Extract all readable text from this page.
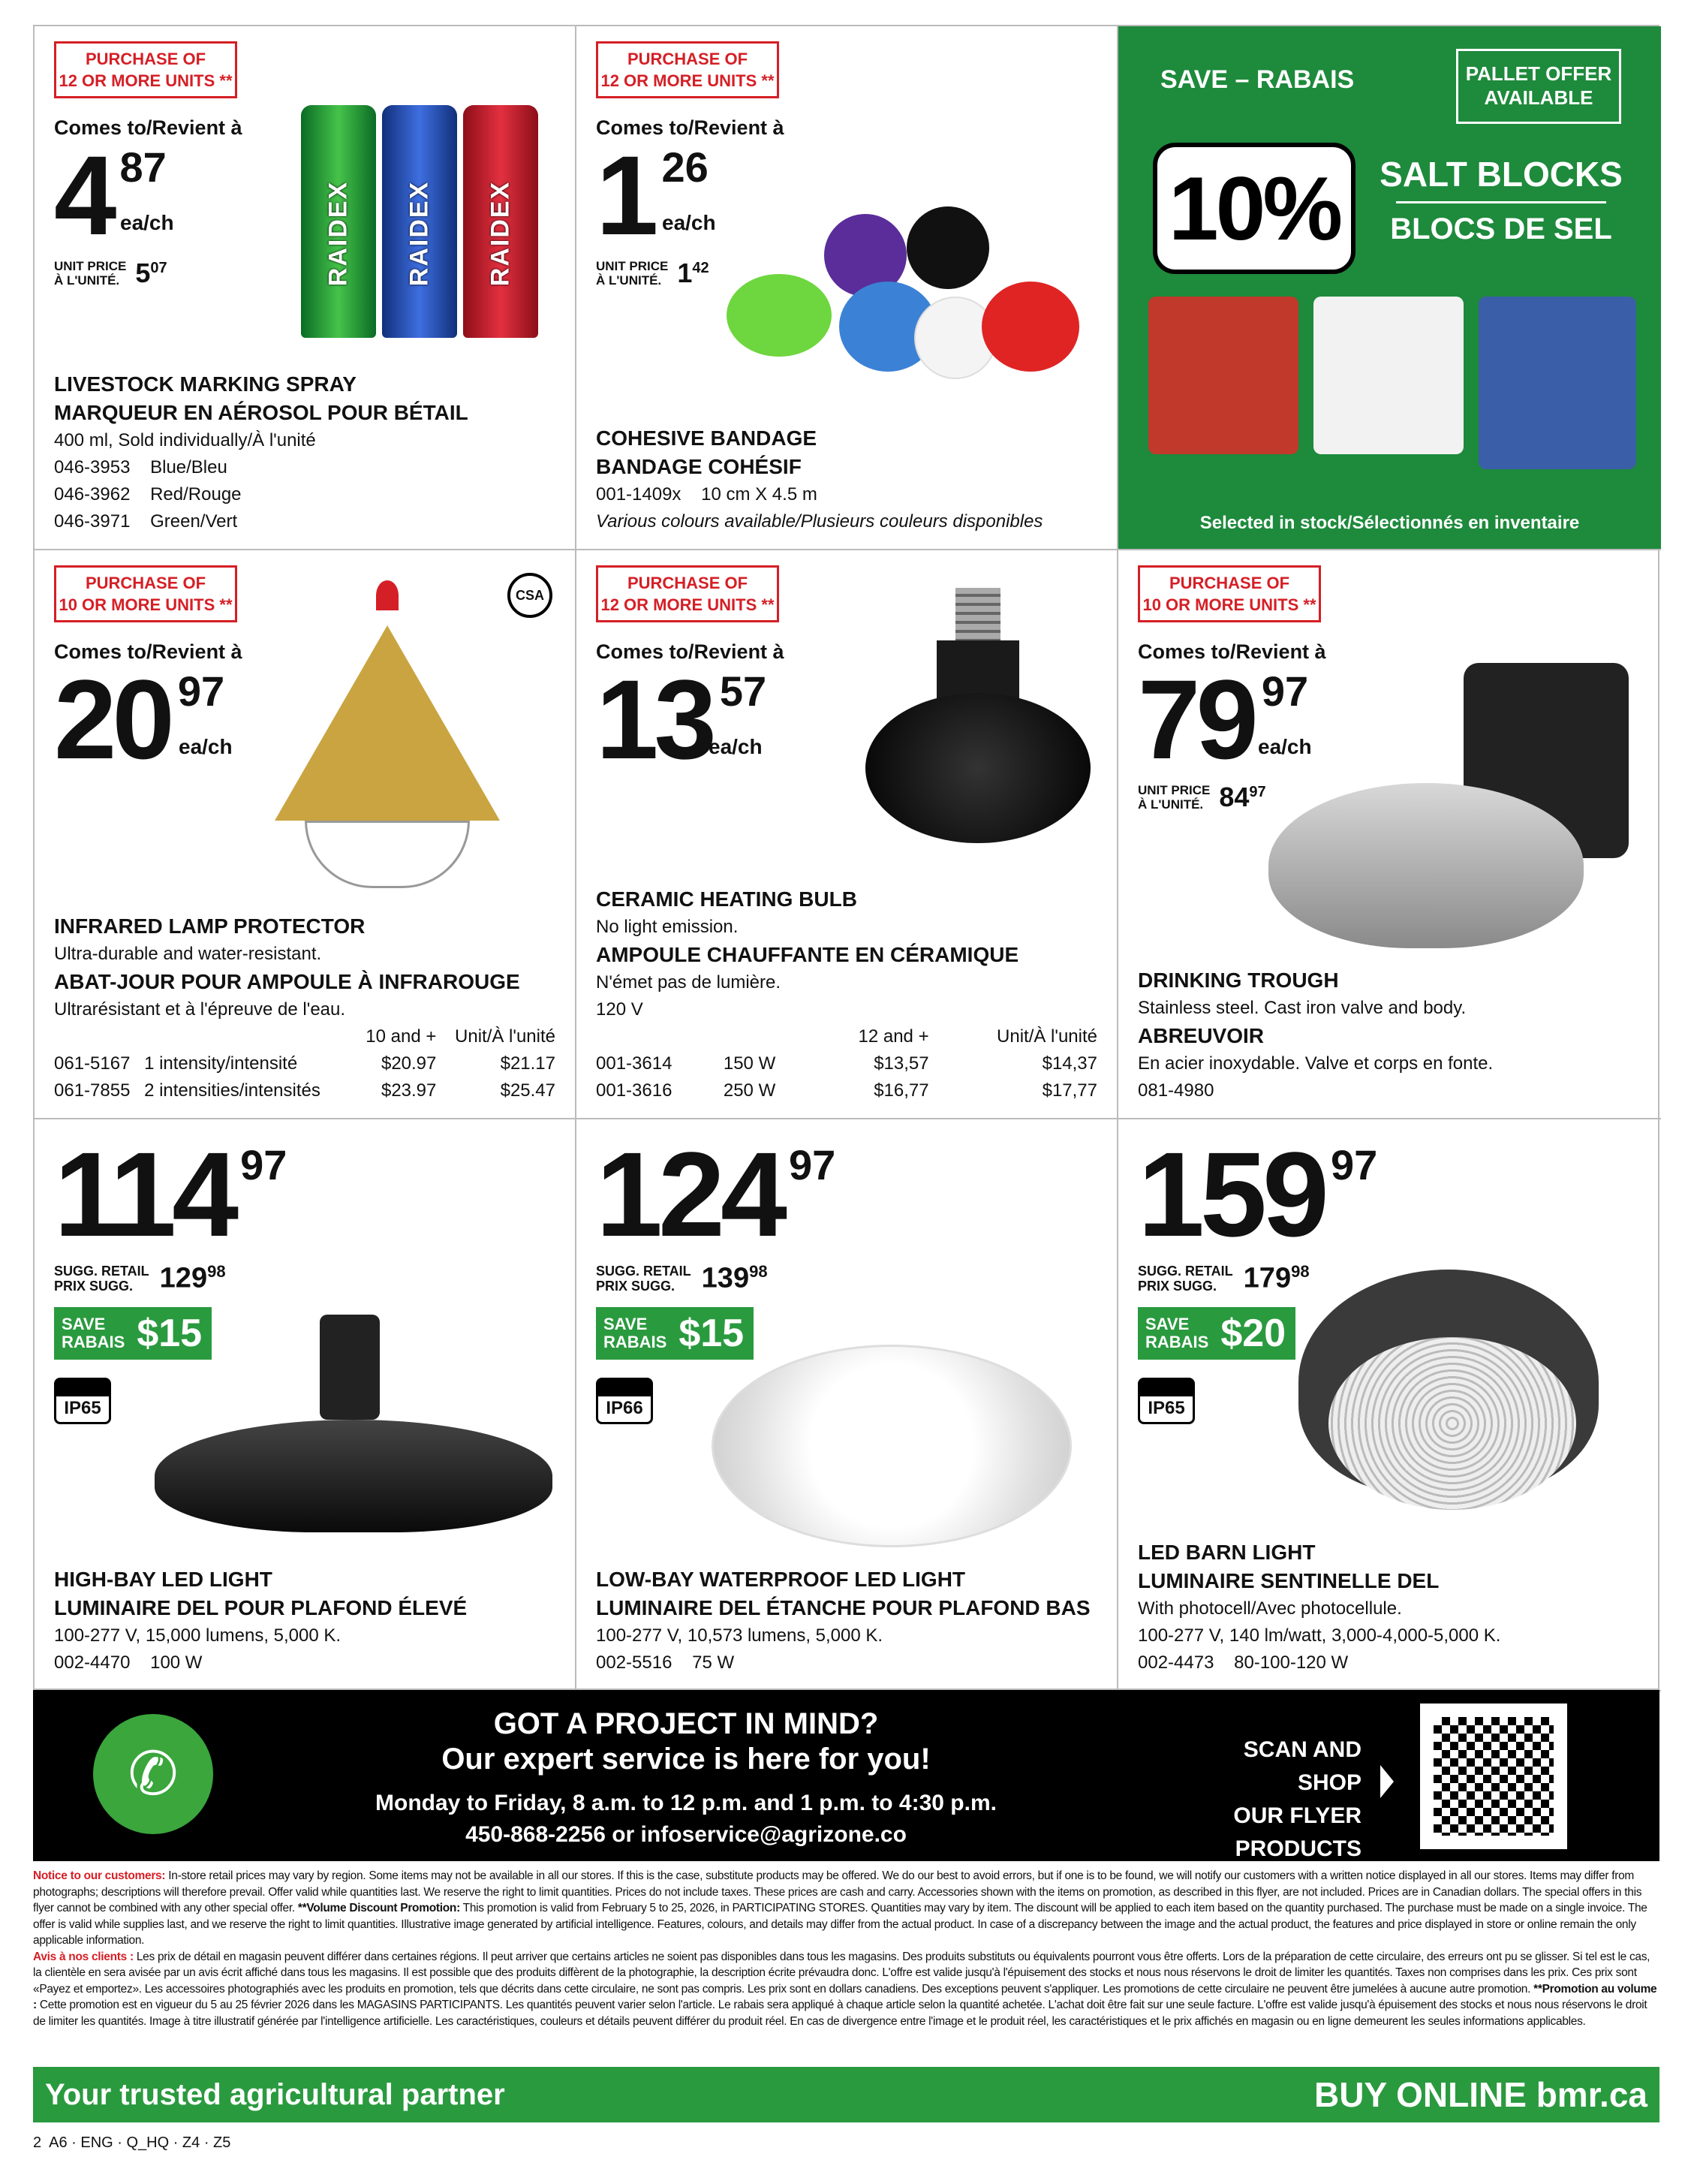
PURCHASE OF
12 OR MORE UNITS **
Comes to/Revient à
4 87
ea/ch
UNIT PRICE
À L'UNITÉ. $5^{07}$	RAIDEX RAIDEX RAIDEX
LIVESTOCK MARKING SPRAY
MARQUEUR EN AÉROSOL POUR BÉTAIL
400 ml, Sold individually/À l'unité
046-3953    Blue/Bleu
046-3962    Red/Rouge
046-3971    Green/Vert
PURCHASE OF
12 OR MORE UNITS **
Comes to/Revient à
1 26
ea/ch
UNIT PRICE
À L'UNITÉ. $1^{42}$
COHESIVE BANDAGE
BANDAGE COHÉSIF
001-1409x    10 cm X 4.5 m
Various colours available/Plusieurs couleurs disponibles
SAVE – RABAIS	PALLET OFFER
AVAILABLE
10%	SALT BLOCKS
BLOCS DE SEL
Selected in stock/Sélectionnés en inventaire
PURCHASE OF
10 OR MORE UNITS **
Comes to/Revient à
20 97
ea/ch
CSA
INFRARED LAMP PROTECTOR
Ultra-durable and water-resistant.
ABAT-JOUR POUR AMPOULE À INFRAROUGE
Ultrarésistant et à l'épreuve de l'eau.
		10 and +	Unit/À l'unité
061-5167	1 intensity/intensité	$20.97	$21.17
061-7855	2 intensities/intensités	$23.97	$25.47
PURCHASE OF
12 OR MORE UNITS **
Comes to/Revient à
13 57
ea/ch
CERAMIC HEATING BULB
No light emission.
AMPOULE CHAUFFANTE EN CÉRAMIQUE
N'émet pas de lumière.
120 V
		12 and +	Unit/À l'unité
001-3614	150 W	$13,57	$14,37
001-3616	250 W	$16,77	$17,77
PURCHASE OF
10 OR MORE UNITS **
Comes to/Revient à
79 97
ea/ch
UNIT PRICE
À L'UNITÉ. $84^{97}$
DRINKING TROUGH
Stainless steel. Cast iron valve and body.
ABREUVOIR
En acier inoxydable. Valve et corps en fonte.
081-4980
114 97
SUGG. RETAIL
PRIX SUGG. $129^{98}$
SAVE
RABAIS $15
IP65
HIGH-BAY LED LIGHT
LUMINAIRE DEL POUR PLAFOND ÉLEVÉ
100-277 V, 15,000 lumens, 5,000 K.
002-4470    100 W
124 97
SUGG. RETAIL
PRIX SUGG. $139^{98}$
SAVE
RABAIS $15
IP66
LOW-BAY WATERPROOF LED LIGHT
LUMINAIRE DEL ÉTANCHE POUR PLAFOND BAS
100-277 V, 10,573 lumens, 5,000 K.
002-5516    75 W
159 97
SUGG. RETAIL
PRIX SUGG. $179^{98}$
SAVE
RABAIS $20
IP65
LED BARN LIGHT
LUMINAIRE SENTINELLE DEL
With photocell/Avec photocellule.
100-277 V, 140 lm/watt, 3,000-4,000-5,000 K.
002-4473    80-100-120 W
✆
GOT A PROJECT IN MIND?
Our expert service is here for you!
Monday to Friday, 8 a.m. to 12 p.m. and 1 p.m. to 4:30 p.m.
450-868-2256 or infoservice@agrizone.co
SCAN AND SHOP
OUR FLYER
PRODUCTS

Notice to our customers: In-store retail prices may vary by region. Some items may not be available in all our stores. If this is the case, substitute products may be offered. We do our best to avoid errors, but if one is to be found, we will notify our customers with a written notice displayed in all our stores. Items may differ from photographs; descriptions will therefore prevail. Offer valid while quantities last. We reserve the right to limit quantities. Prices do not include taxes. These prices are cash and carry. Accessories shown with the items on promotion, as described in this flyer, are not included. Prices are in Canadian dollars. The special offers in this flyer cannot be combined with any other special offer. **Volume Discount Promotion: This promotion is valid from February 5 to 25, 2026, in PARTICIPATING STORES. Quantities may vary by item. The discount will be applied to each item based on the quantity purchased. The purchase must be made on a single invoice. The offer is valid while supplies last, and we reserve the right to limit quantities. Illustrative image generated by artificial intelligence. Features, colours, and details may differ from the actual product. In case of a discrepancy between the image and the actual product, the features and price displayed in store or online remain the only applicable information.

Avis à nos clients : Les prix de détail en magasin peuvent différer dans certaines régions. Il peut arriver que certains articles ne soient pas disponibles dans tous les magasins. Des produits substituts ou équivalents pourront vous être offerts. Lors de la préparation de cette circulaire, des erreurs ont pu se glisser. Si tel est le cas, la clientèle en sera avisée par un avis écrit affiché dans tous les magasins. Il est possible que des produits diffèrent de la photographie, la description écrite prévaudra donc. L'offre est valide jusqu'à l'épuisement des stocks et nous nous réservons le droit de limiter les quantités. Taxes non comprises dans les prix. Ces prix sont «Payez et emportez». Les accessoires photographiés avec les produits en promotion, tels que décrits dans cette circulaire, ne sont pas compris. Les prix sont en dollars canadiens. Des exceptions peuvent s'appliquer. Les promotions de cette circulaire ne peuvent être jumelées à aucune autre promotion. **Promotion au volume : Cette promotion est en vigueur du 5 au 25 février 2026 dans les MAGASINS PARTICIPANTS. Les quantités peuvent varier selon l'article. Le rabais sera appliqué à chaque article selon la quantité achetée. L'achat doit être fait sur une seule facture. L'offre est valide jusqu'à épuisement des stocks et nous nous réservons le droit de limiter les quantités. Image à titre illustratif générée par l'intelligence artificielle. Les caractéristiques, couleurs et détails peuvent différer du produit réel. En cas de divergence entre l'image et le produit réel, les caractéristiques et le prix affichés en magasin ou en ligne demeurent les seules informations applicables.

Your trusted agricultural partner	BUY ONLINE bmr.ca
2  A6 · ENG · Q_HQ · Z4 · Z5
